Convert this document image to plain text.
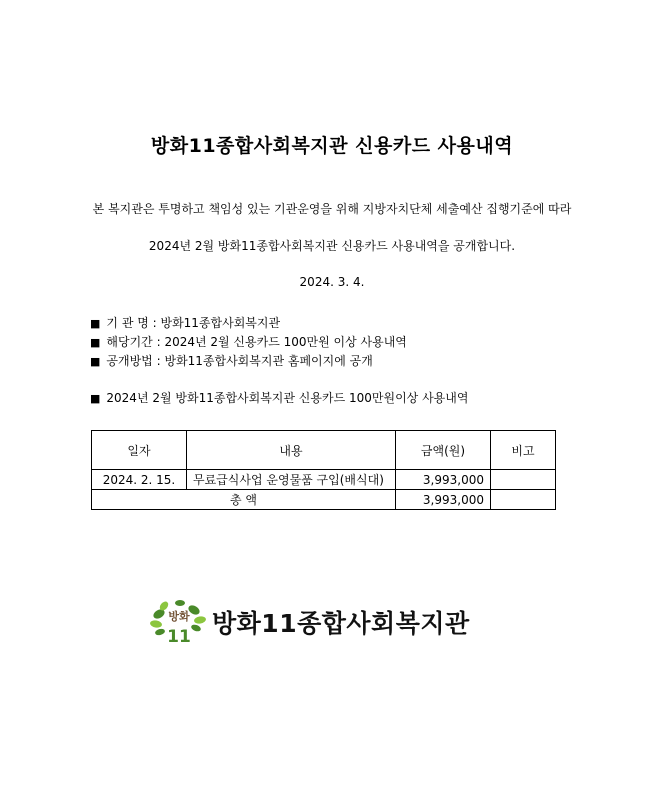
방화11종합사회복지관 신용카드 사용내역
본 복지관은 투명하고 책임성 있는 기관운영을 위해 지방자치단체 세출예산 집행기준에 따라
2024년 2월 방화11종합사회복지관 신용카드 사용내역을 공개합니다.
2024. 3. 4.
■ 기 관 명 : 방화11종합사회복지관
■ 해당기간 : 2024년 2월 신용카드 100만원 이상 사용내역
■ 공개방법 : 방화11종합사회복지관 홈페이지에 공개
■ 2024년 2월 방화11종합사회복지관 신용카드 100만원이상 사용내역
일자	내용	금액(원)	비고
2024. 2. 15.	무료급식사업 운영물품 구입(배식대)	3,993,000	
총 액		3,993,000	
방화
11 방화11종합사회복지관
